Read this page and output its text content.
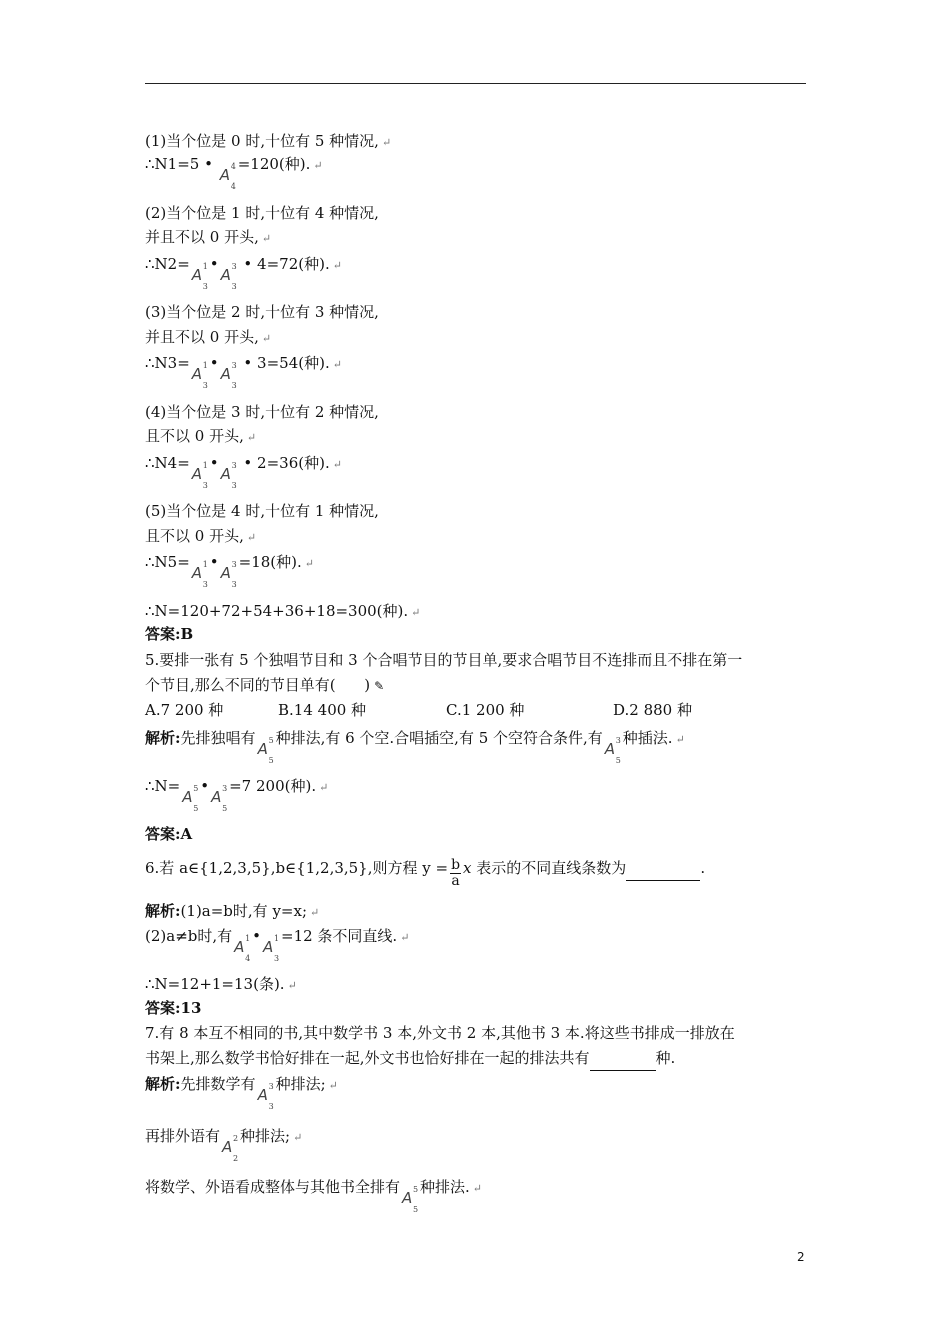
(1)当个位是 0 时,十位有 5 种情况, ↵
∴N1=5 •
A 4
4
=120(种). ↵
(2)当个位是 1 时,十位有 4 种情况,
并且不以 0 开头, ↵
∴N2=
A 1
3
•
A 3
3
• 4=72(种). ↵
(3)当个位是 2 时,十位有 3 种情况,
并且不以 0 开头, ↵
∴N3=
A 1
3
•
A 3
3
• 3=54(种). ↵
(4)当个位是 3 时,十位有 2 种情况,
且不以 0 开头, ↵
∴N4=
A 1
3
•
A 3
3
• 2=36(种). ↵
(5)当个位是 4 时,十位有 1 种情况,
且不以 0 开头, ↵
∴N5=
A 1
3
•
A 3
3
=18(种). ↵
∴N=120+72+54+36+18=300(种). ↵
答案:B
5.要排一张有 5 个独唱节目和 3 个合唱节目的节目单,要求合唱节目不连排而且不排在第一
个节目,那么不同的节目单有( ) ✎
A.7 200 种	B.14 400 种	C.1 200 种	D.2 880 种
解析:先排独唱有
A 5
5
种排法,有 6 个空.合唱插空,有 5 个空符合条件,有
A 3
5
种插法. ↵
∴N=
A 5
5
•
A 3
5
=7 200(种). ↵
答案:A
6.若 a∈{1,2,3,5},b∈{1,2,3,5},则方程 $y = \frac{b}{a}$ x 表示的不同直线条数为	.
解析:(1)a=b时,有 y=x; ↵
(2)a≠b时,有
A 1
4
•
A 1
3
=12 条不同直线. ↵
∴N=12+1=13(条). ↵
答案:13
7.有 8 本互不相同的书,其中数学书 3 本,外文书 2 本,其他书 3 本.将这些书排成一排放在
书架上,那么数学书恰好排在一起,外文书也恰好排在一起的排法共有	种.
解析:先排数学有
A 3
3
种排法; ↵
再排外语有
A 2
2
种排法; ↵
将数学、外语看成整体与其他书全排有
A 5
5
种排法. ↵
2
